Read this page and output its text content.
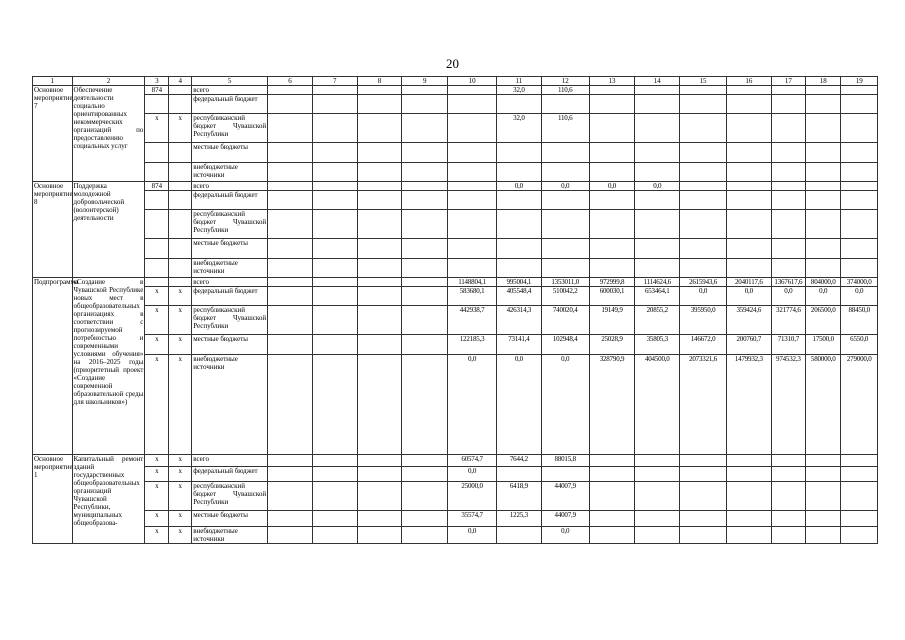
20
1	2	3	4	5	6	7	8	9	10	11	12	13	14	15	16	17	18	19
Основное мероприятие 7	Обеспечение деятельности социально ориентированных некоммерческих организаций по предоставлению социальных услуг	874		всего						32,0	110,6							
				федеральный бюджет														
		x	x	республиканский бюджет Чувашской Республики						32,0	110,6							
				местные бюджеты														
				внебюджетные источники														
Основное мероприятие 8	Поддержка молодежной добровольческой (волонтерской) деятельности	874		всего						0,0	0,0	0,0	0,0					
				федеральный бюджет														
				республиканский бюджет Чувашской Республики														
				местные бюджеты														
				внебюджетные источники														
Подпрограмма	«Создание в Чувашской Республике новых мест в общеобразовательных организациях в соответствии с прогнозируемой потребностью и современными условиями обучения» на 2016–2025 годы (приоритетный проект «Создание современной образовательной среды для школьников»)			всего					1148804,1	995004,1	1353011,0	972999,8	1114624,6	2615943,6	2040117,6	1367617,6	804000,0	374000,0
		x	x	федеральный бюджет					583680,1	405548,4	510042,2	600030,1	653464,1	0,0	0,0	0,0	0,0	0,0
		x	x	республиканский бюджет Чувашской Республики					442938,7	426314,3	740020,4	19149,9	20855,2	395950,0	359424,6	321774,6	206500,0	88450,0
		x	x	местные бюджеты					122185,3	73141,4	102948,4	25028,9	35805,3	146672,0	200760,7	71310,7	17500,0	6550,0
		x	x	внебюджетные источники					0,0	0,0	0,0	328790,9	404500,0	2073321,6	1479932,3	974532,3	580000,0	279000,0
Основное мероприятие 1	Капитальный ремонт зданий государственных общеобразовательных организаций Чувашской Республики, муниципальных общеобразова-	x	x	всего					60574,7	7644,2	88015,8							
		x	x	федеральный бюджет					0,0									
		x	x	республиканский бюджет Чувашской Республики					25000,0	6418,9	44007,9							
		x	x	местные бюджеты					35574,7	1225,3	44007,9							
		x	x	внебюджетные источники					0,0		0,0							
